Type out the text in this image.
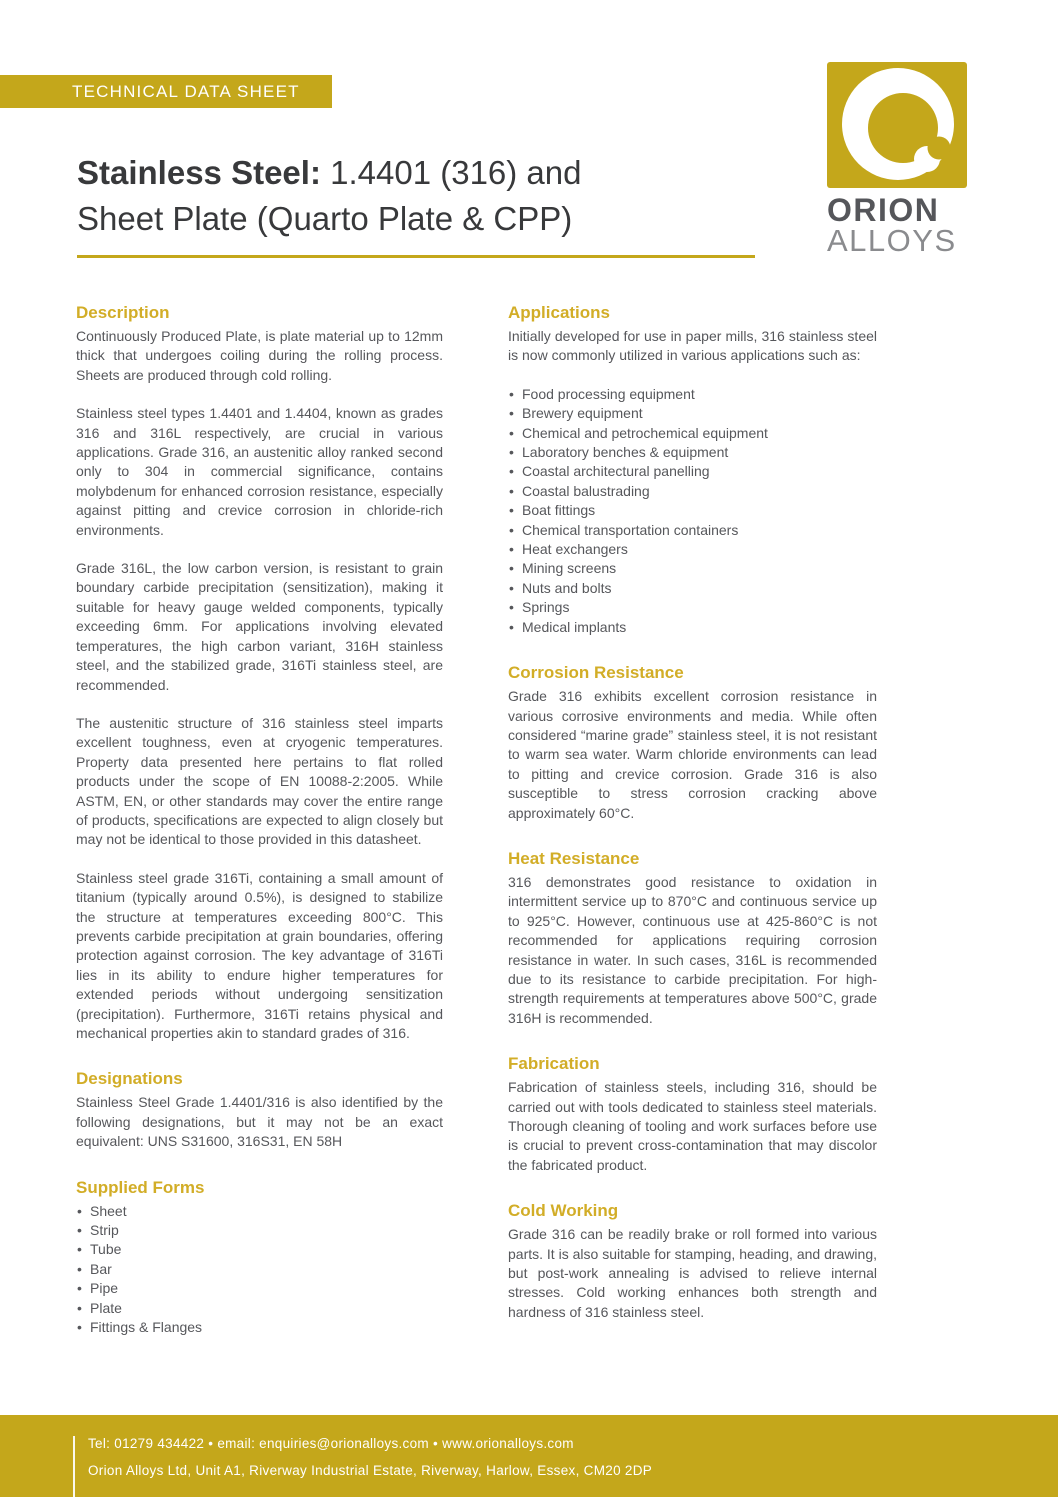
TECHNICAL DATA SHEET
Stainless Steel: 1.4401 (316) and
Sheet Plate (Quarto Plate & CPP)	ORION
ALLOYS
Description

Continuously Produced Plate, is plate material up to 12mm thick that undergoes coiling during the rolling process. Sheets are produced through cold rolling.

Stainless steel types 1.4401 and 1.4404, known as grades 316 and 316L respectively, are crucial in various applications. Grade 316, an austenitic alloy ranked second only to 304 in commercial significance, contains molybdenum for enhanced corrosion resistance, especially against pitting and crevice corrosion in chloride-rich environments.

Grade 316L, the low carbon version, is resistant to grain boundary carbide precipitation (sensitization), making it suitable for heavy gauge welded components, typically exceeding 6mm. For applications involving elevated temperatures, the high carbon variant, 316H stainless steel, and the stabilized grade, 316Ti stainless steel, are recommended.

The austenitic structure of 316 stainless steel imparts excellent toughness, even at cryogenic temperatures. Property data presented here pertains to flat rolled products under the scope of EN 10088-2:2005. While ASTM, EN, or other standards may cover the entire range of products, specifications are expected to align closely but may not be identical to those provided in this datasheet.

Stainless steel grade 316Ti, containing a small amount of titanium (typically around 0.5%), is designed to stabilize the structure at temperatures exceeding 800°C. This prevents carbide precipitation at grain boundaries, offering protection against corrosion. The key advantage of 316Ti lies in its ability to endure higher temperatures for extended periods without undergoing sensitization (precipitation). Furthermore, 316Ti retains physical and mechanical properties akin to standard grades of 316.

Designations

Stainless Steel Grade 1.4401/316 is also identified by the following designations, but it may not be an exact equivalent: UNS S31600, 316S31, EN 58H

Supplied Forms
• Sheet
• Strip
• Tube
• Bar
• Pipe
• Plate
• Fittings & Flanges
Applications

Initially developed for use in paper mills, 316 stainless steel is now commonly utilized in various applications such as:

• Food processing equipment
• Brewery equipment
• Chemical and petrochemical equipment
• Laboratory benches & equipment
• Coastal architectural panelling
• Coastal balustrading
• Boat fittings
• Chemical transportation containers
• Heat exchangers
• Mining screens
• Nuts and bolts
• Springs
• Medical implants
Corrosion Resistance

Grade 316 exhibits excellent corrosion resistance in various corrosive environments and media. While often considered “marine grade” stainless steel, it is not resistant to warm sea water. Warm chloride environments can lead to pitting and crevice corrosion. Grade 316 is also susceptible to stress corrosion cracking above approximately 60°C.

Heat Resistance

316 demonstrates good resistance to oxidation in intermittent service up to 870°C and continuous service up to 925°C. However, continuous use at 425-860°C is not recommended for applications requiring corrosion resistance in water. In such cases, 316L is recommended due to its resistance to carbide precipitation. For high-strength requirements at temperatures above 500°C, grade 316H is recommended.

Fabrication

Fabrication of stainless steels, including 316, should be carried out with tools dedicated to stainless steel materials. Thorough cleaning of tooling and work surfaces before use is crucial to prevent cross-contamination that may discolor the fabricated product.

Cold Working

Grade 316 can be readily brake or roll formed into various parts. It is also suitable for stamping, heading, and drawing, but post-work annealing is advised to relieve internal stresses. Cold working enhances both strength and hardness of 316 stainless steel.

Tel: 01279 434422 • email: enquiries@orionalloys.com • www.orionalloys.com
Orion Alloys Ltd, Unit A1, Riverway Industrial Estate, Riverway, Harlow, Essex, CM20 2DP
